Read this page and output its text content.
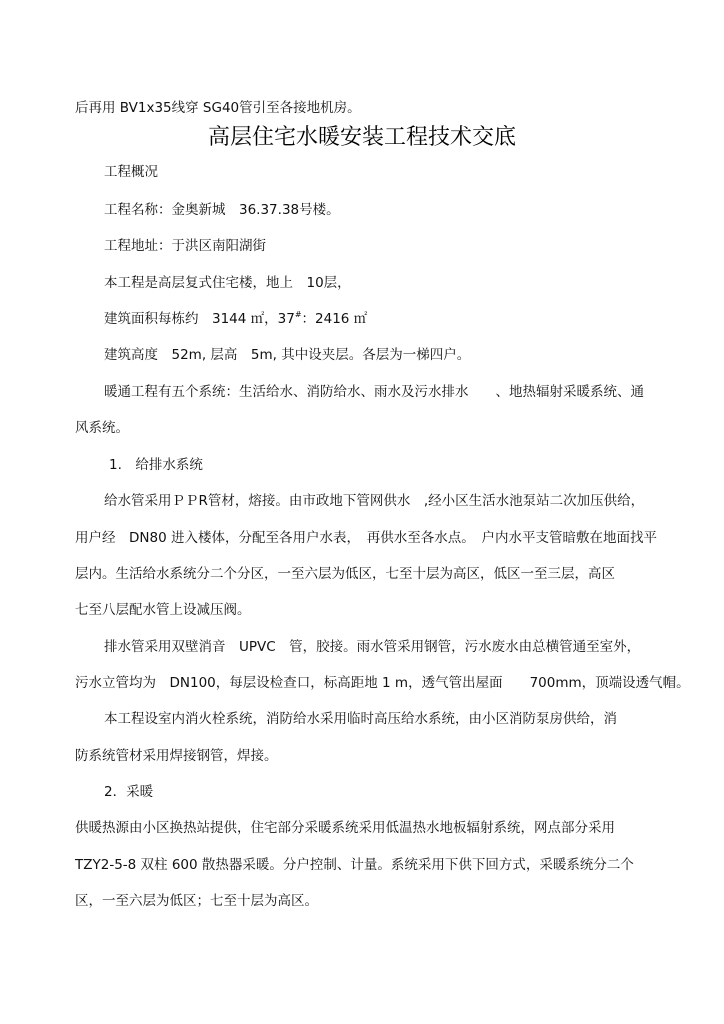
后再用 BV1x35线穿 SG40管引至各接地机房。
高层住宅水暖安装工程技术交底
工程概况
工程名称：金奥新城　36.37.38号楼。
工程地址：于洪区南阳湖街
本工程是高层复式住宅楼，地上　10层，
建筑面积每栋约　3144 ㎡，37#：2416 ㎡
建筑高度　52m, 层高　5m, 其中设夹层。各层为一梯四户。
暖通工程有五个系统：生活给水、消防给水、雨水及污水排水　　、地热辐射采暖系统、通
风系统。
1.　给排水系统
给水管采用ＰＰR管材，熔接。由市政地下管网供水　,经小区生活水池泵站二次加压供给，
用户经　DN80 进入楼体，分配至各用户水表，　再供水至各水点。　户内水平支管暗敷在地面找平
层内。生活给水系统分二个分区，一至六层为低区，七至十层为高区，低区一至三层，高区
七至八层配水管上设减压阀。
排水管采用双壁消音　UPVC　管，胶接。雨水管采用钢管，污水废水由总横管通至室外，
污水立管均为　DN100，每层设检查口，标高距地 1 m，透气管出屋面　　700mm，顶端设透气帽。
本工程设室内消火栓系统，消防给水采用临时高压给水系统，由小区消防泵房供给，消
防系统管材采用焊接钢管，焊接。
2．采暖
供暖热源由小区换热站提供，住宅部分采暖系统采用低温热水地板辐射系统，网点部分采用
TZY2-5-8 双柱 600 散热器采暖。分户控制、计量。系统采用下供下回方式，采暖系统分二个
区，一至六层为低区；七至十层为高区。
